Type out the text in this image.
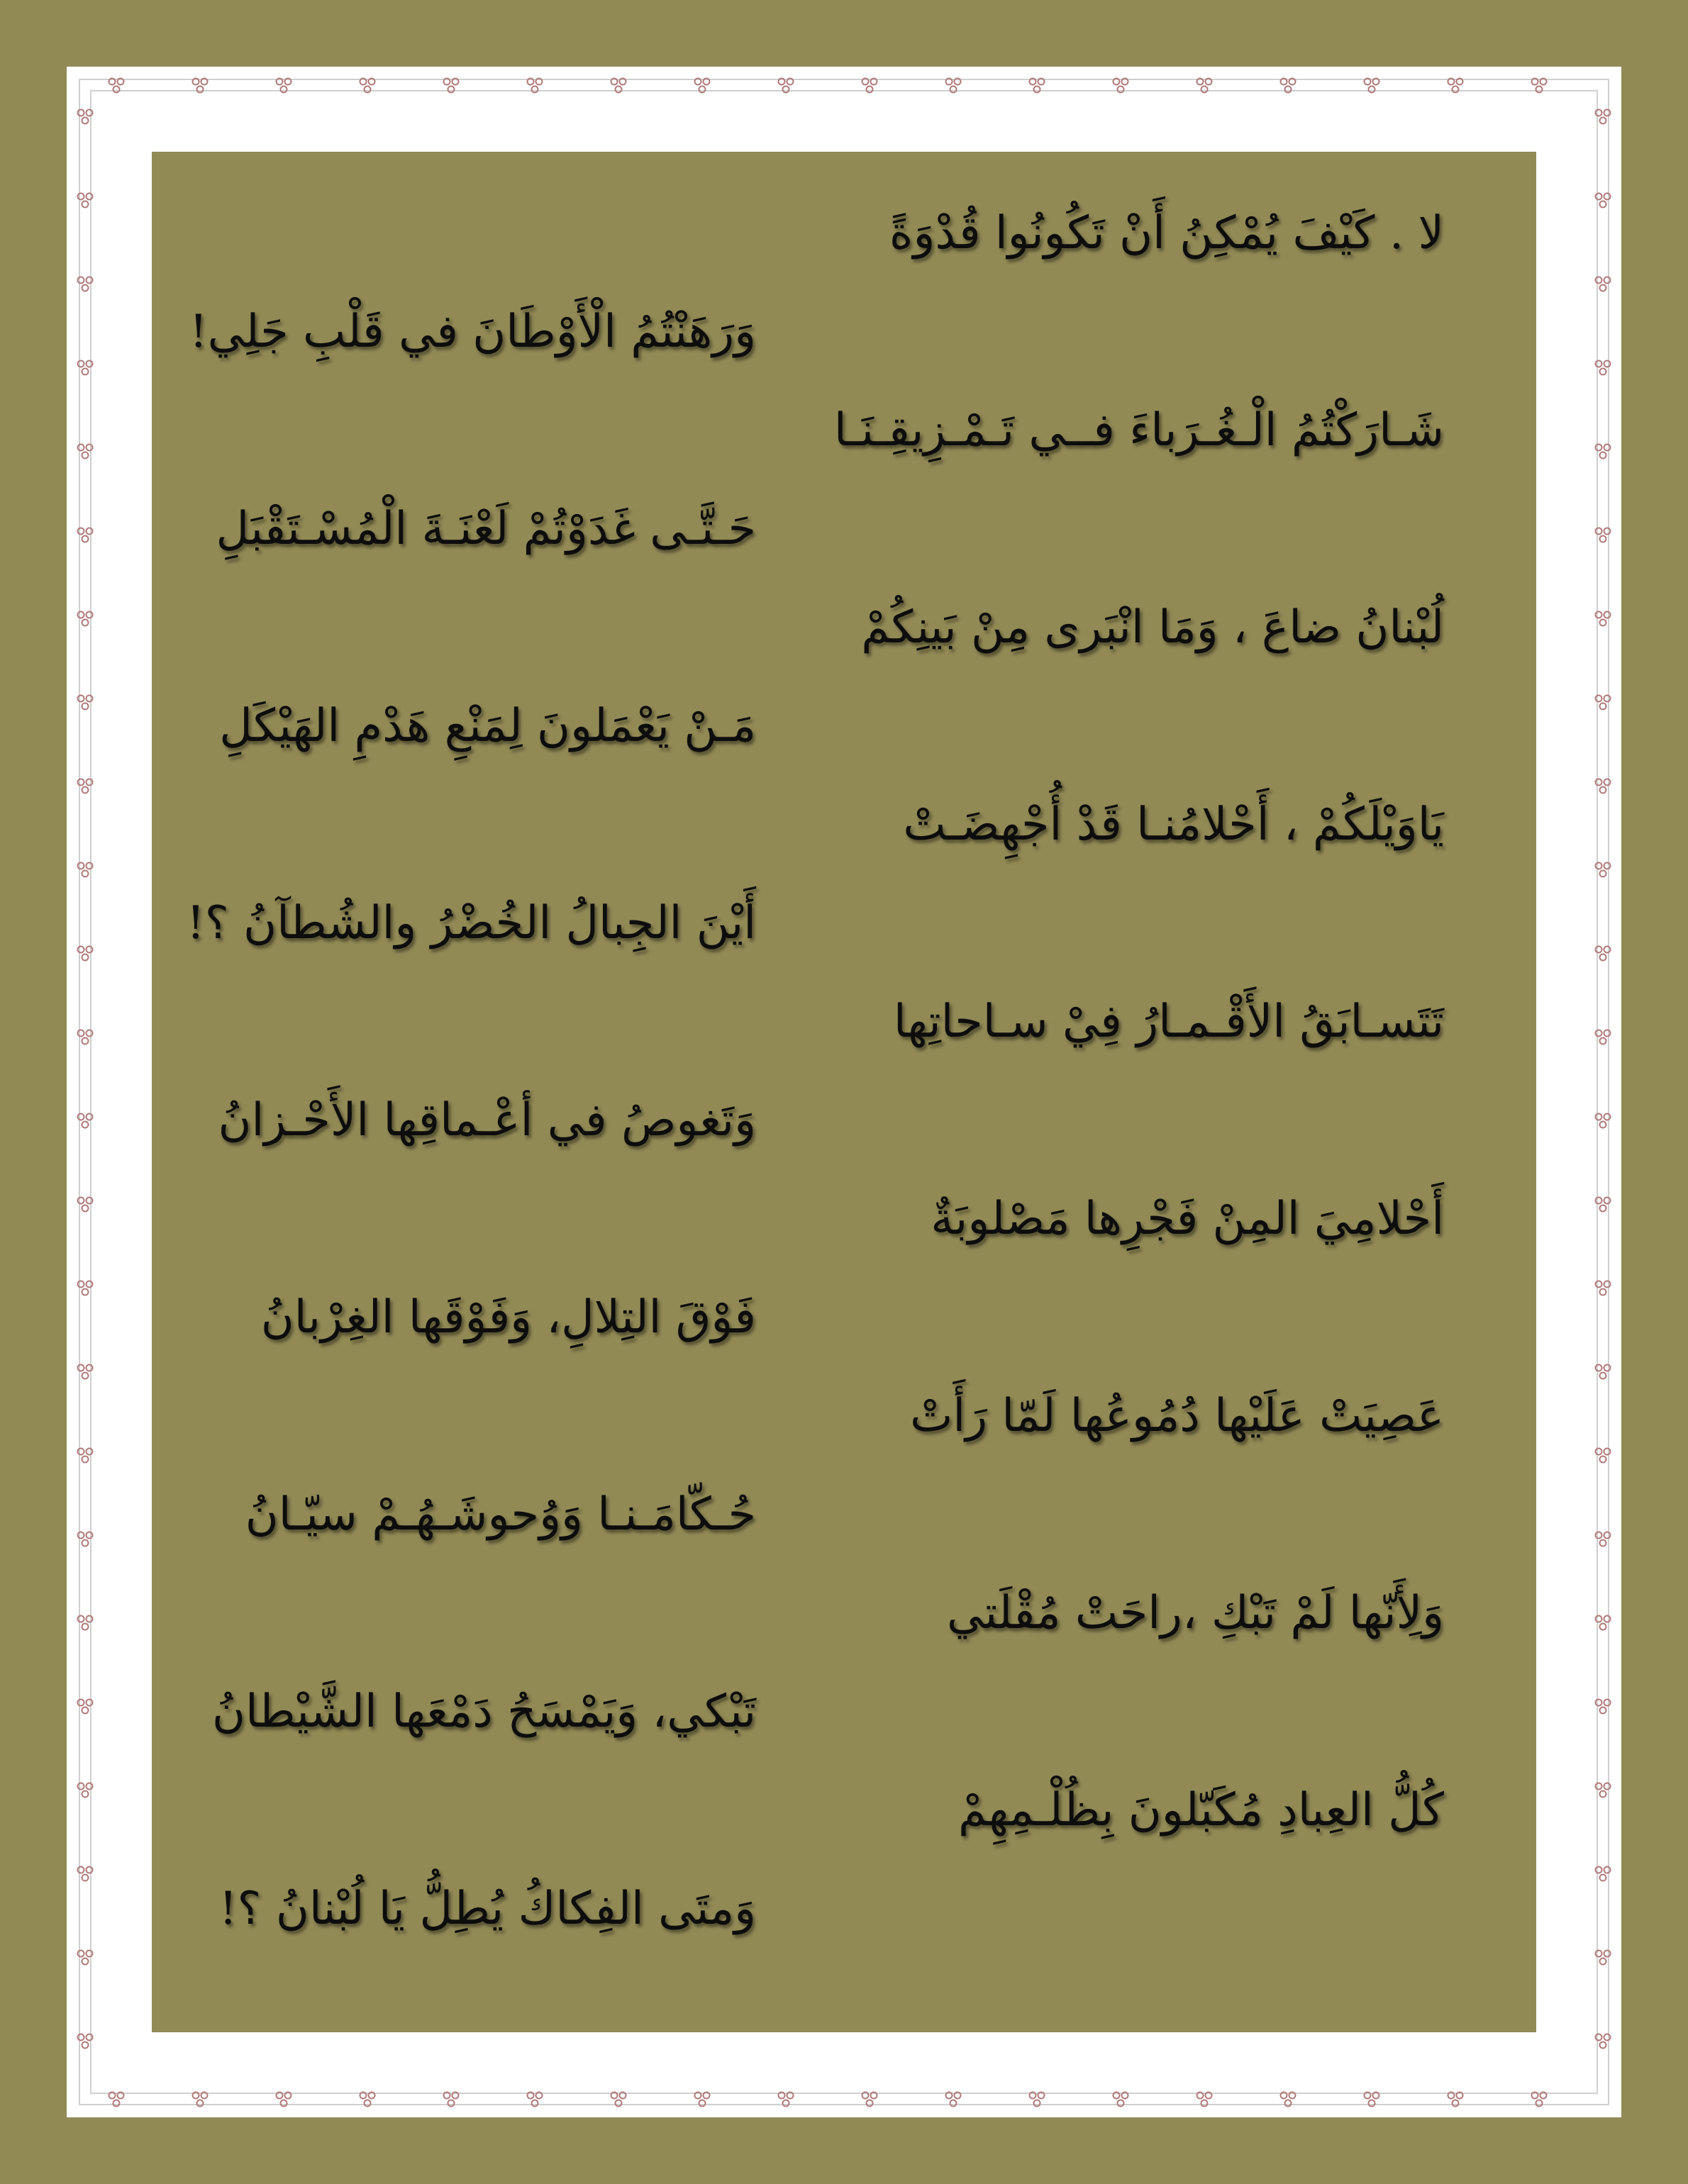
لا . كَيْفَ يُمْكِنُ أَنْ تَكُونُوا قُدْوَةً
وَرَهَنْتُمُ الْأَوْطَانَ في قَلْبِ جَلِي!
شَـارَكْتُمُ الْـغُـرَباءَ فــي تَـمْـزِيقِـنَـا
حَـتَّـى غَدَوْتُمْ لَعْنَـةَ الْمُسْـتَقْبَلِ
لُبْنانُ ضاعَ ، وَمَا انْبَرى مِنْ بَينِكُمْ
مَـنْ يَعْمَلونَ لِمَنْعِ هَدْمِ الهَيْكَلِ
يَاوَيْلَكُمْ ، أَحْلامُنـا قَدْ أُجْهِضَـتْ
أَيْنَ الجِبالُ الخُضْرُ والشُطآنُ ؟!
تَتَسـابَقُ الأَقْـمـارُ فِيْ سـاحاتِها
وَتَغوصُ في أعْـماقِها الأَحْـزانُ
أَحْلامِيَ المِنْ فَجْرِها مَصْلوبَةٌ
فَوْقَ التِلالِ، وَفَوْقَها الغِرْبانُ
عَصِيَتْ عَلَيْها دُمُوعُها لَمّا رَأَتْ
حُـكّامَـنـا وَوُحوشَـهُـمْ سيّـانُ
وَلِأَنّها لَمْ تَبْكِ ،راحَتْ مُقْلَتي
تَبْكي، وَيَمْسَحُ دَمْعَها الشَّيْطانُ
كُلُّ العِبادِ مُكَبّلونَ بِظُلْـمِهِمْ
وَمتَى الفِكاكُ يُطِلُّ يَا لُبْنانُ ؟!
